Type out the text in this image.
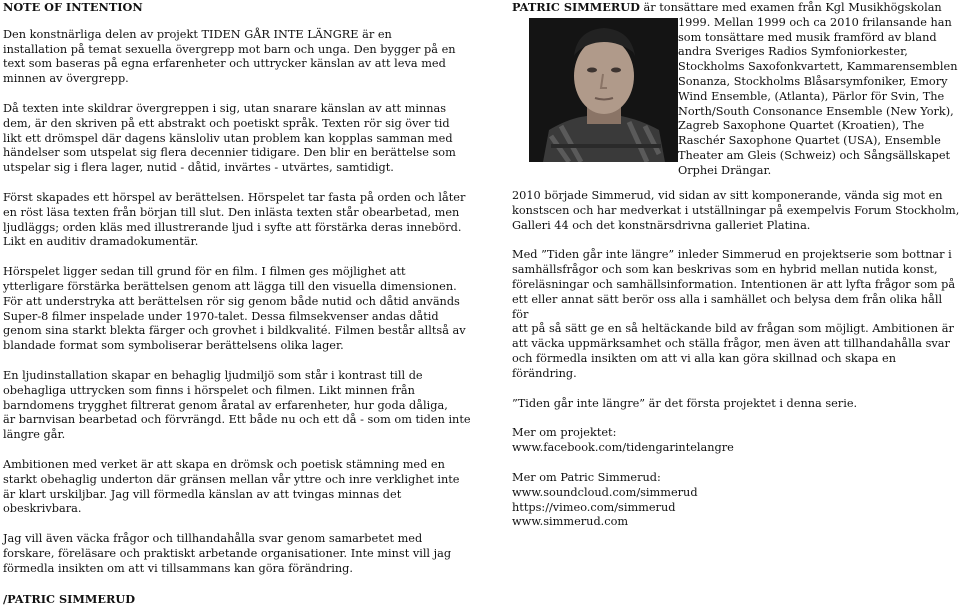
NOTE OF INTENTION

Den konstnärliga delen av projekt TIDEN GÅR INTE LÄNGRE är en
installation på temat sexuella övergrepp mot barn och unga. Den bygger på en
text som baseras på egna erfarenheter och uttrycker känslan av att leva med
minnen av övergrepp.

Då texten inte skildrar övergreppen i sig, utan snarare känslan av att minnas
dem, är den skriven på ett abstrakt och poetiskt språk. Texten rör sig över tid
likt ett drömspel där dagens känsloliv utan problem kan kopplas samman med
händelser som utspelat sig flera decennier tidigare. Den blir en berättelse som
utspelar sig i flera lager, nutid - dåtid, invärtes - utvärtes, samtidigt.

Först skapades ett hörspel av berättelsen. Hörspelet tar fasta på orden och låter
en röst läsa texten från början till slut. Den inlästa texten står obearbetad, men
ljudläggs; orden kläs med illustrerande ljud i syfte att förstärka deras innebörd.
Likt en auditiv dramadokumentär.

Hörspelet ligger sedan till grund för en film. I filmen ges möjlighet att
ytterligare förstärka berättelsen genom att lägga till den visuella dimensionen.
För att understryka att berättelsen rör sig genom både nutid och dåtid används
Super-8 filmer inspelade under 1970-talet. Dessa filmsekvenser andas dåtid
genom sina starkt blekta färger och grovhet i bildkvalité. Filmen består alltså av
blandade format som symboliserar berättelsens olika lager.

En ljudinstallation skapar en behaglig ljudmiljö som står i kontrast till de
obehagliga uttrycken som finns i hörspelet och filmen. Likt minnen från
barndomens trygghet filtrerat genom åratal av erfarenheter, hur goda dåliga,
är barnvisan bearbetad och förvrängd. Ett både nu och ett då - som om tiden inte
längre går.

Ambitionen med verket är att skapa en drömsk och poetisk stämning med en
starkt obehaglig underton där gränsen mellan vår yttre och inre verklighet inte
är klart urskiljbar. Jag vill förmedla känslan av att tvingas minnas det
obeskrivbara.

Jag vill även väcka frågor och tillhandahålla svar genom samarbetet med
forskare, föreläsare och praktiskt arbetande organisationer. Inte minst vill jag
förmedla insikten om att vi tillsammans kan göra förändring.

/PATRIC SIMMERUD

PATRIC SIMMERUD är tonsättare med examen från Kgl Musikhögskolan
1999. Mellan 1999 och ca 2010 frilansande han
som tonsättare med musik framförd av bland
andra Sveriges Radios Symfoniorkester,
Stockholms Saxofonkvartett, Kammarensemblen
Sonanza, Stockholms Blåsarsymfoniker, Emory
Wind Ensemble, (Atlanta), Pärlor för Svin, The
North/South Consonance Ensemble (New York),
Zagreb Saxophone Quartet (Kroatien), The
Raschér Saxophone Quartet (USA), Ensemble
Theater am Gleis (Schweiz) och Sångsällskapet
Orphei Drängar.

2010 började Simmerud, vid sidan av sitt komponerande, vända sig mot en
konstscen och har medverkat i utställningar på exempelvis Forum Stockholm,
Galleri 44 och det konstnärsdrivna galleriet Platina.

Med ”Tiden går inte längre” inleder Simmerud en projektserie som bottnar i
samhällsfrågor och som kan beskrivas som en hybrid mellan nutida konst,
föreläsningar och samhällsinformation. Intentionen är att lyfta frågor som på
ett eller annat sätt berör oss alla i samhället och belysa dem från olika håll för
att på så sätt ge en så heltäckande bild av frågan som möjligt. Ambitionen är
att väcka uppmärksamhet och ställa frågor, men även att tillhandahålla svar
och förmedla insikten om att vi alla kan göra skillnad och skapa en förändring.

”Tiden går inte längre” är det första projektet i denna serie.

Mer om projektet:
www.facebook.com/tidengarintelangre

Mer om Patric Simmerud:
www.soundcloud.com/simmerud
https://vimeo.com/simmerud
www.simmerud.com
